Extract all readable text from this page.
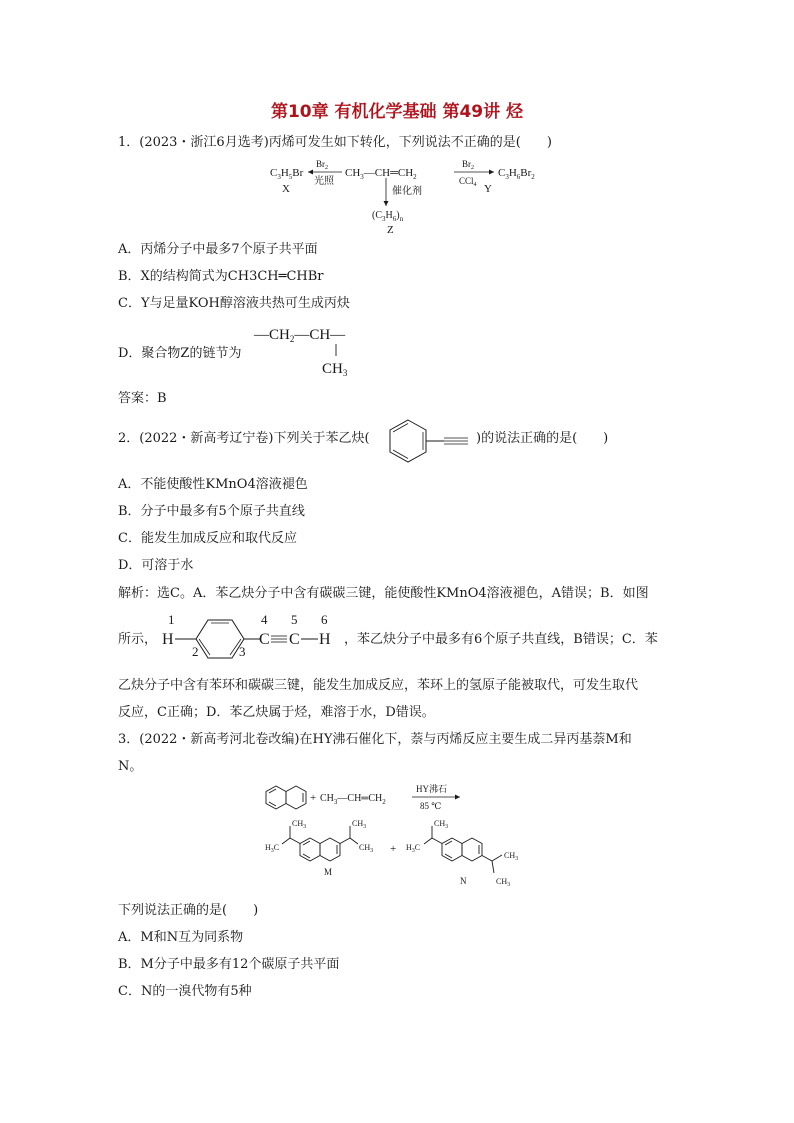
第10章 有机化学基础 第49讲 烃
1．(2023・浙江6月选考)丙烯可发生如下转化，下列说法不正确的是(　　)
$C_3H_5Br$
X
$Br_2$
光照
$CH_3—CH═CH_2$
$Br_2$
CCl$_4$
$C_3H_6Br_2$
Y
催化剂
$(C_3H_6)_n$
Z
A．丙烯分子中最多7个原子共平面
B．X的结构简式为CH3CH═CHBr
C．Y与足量KOH醇溶液共热可生成丙炔
D．聚合物Z的链节为
$—CH_2—CH—$
$CH_3$
答案：B
2．(2022・新高考辽宁卷)下列关于苯乙炔(	)的说法正确的是(　　)
A．不能使酸性KMnO4溶液褪色
B．分子中最多有5个原子共直线
C．能发生加成反应和取代反应
D．可溶于水
解析：选C。A．苯乙炔分子中含有碳碳三键，能使酸性KMnO4溶液褪色，A错误；B．如图
所示，
1
H
2	3
4
C
5
C
6
H ，苯乙炔分子中最多有6个原子共直线，B错误；C．苯
乙炔分子中含有苯环和碳碳三键，能发生加成反应，苯环上的氢原子能被取代，可发生取代
反应，C正确；D．苯乙炔属于烃，难溶于水，D错误。
3．(2022・新高考河北卷改编)在HY沸石催化下，萘与丙烯反应主要生成二异丙基萘M和
N。
+ $CH_3—CH═CH_2$
HY沸石
85 ℃
$CH_3$
$H_3C$
$CH_3$
$CH_3$
M
+
$CH_3$
$H_3C$
$CH_3$
$CH_3$
N
下列说法正确的是(　　)
A．M和N互为同系物
B．M分子中最多有12个碳原子共平面
C．N的一溴代物有5种
